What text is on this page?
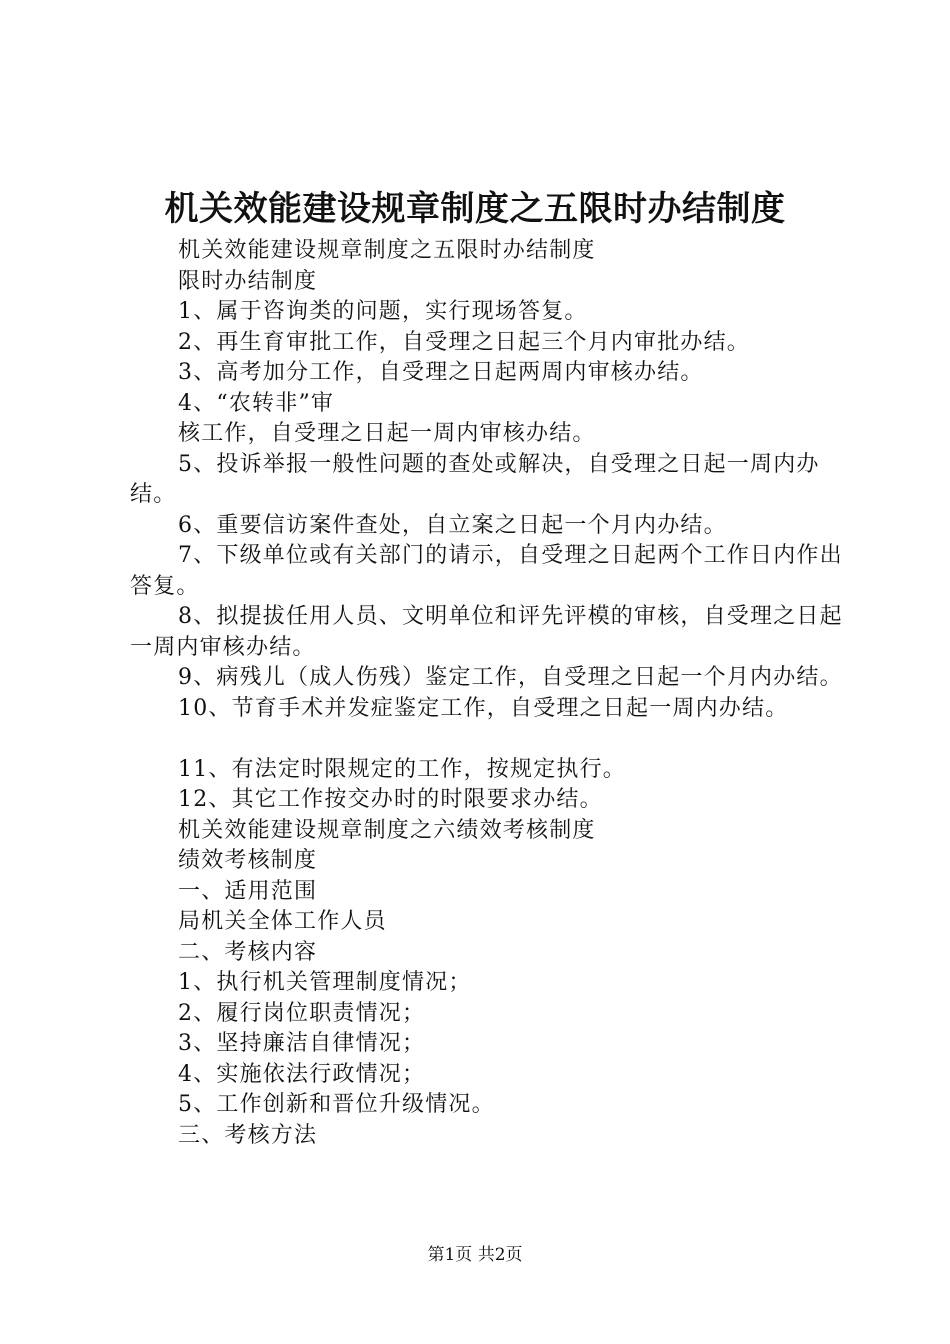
机关效能建设规章制度之五限时办结制度

机关效能建设规章制度之五限时办结制度

限时办结制度

1、属于咨询类的问题，实行现场答复。

2、再生育审批工作，自受理之日起三个月内审批办结。

3、高考加分工作，自受理之日起两周内审核办结。

4、“农转非”审

核工作，自受理之日起一周内审核办结。

5、投诉举报一般性问题的查处或解决，自受理之日起一周内办结。

6、重要信访案件查处，自立案之日起一个月内办结。

7、下级单位或有关部门的请示，自受理之日起两个工作日内作出答复。

8、拟提拔任用人员、文明单位和评先评模的审核，自受理之日起一周内审核办结。

9、病残儿（成人伤残）鉴定工作，自受理之日起一个月内办结。

10、节育手术并发症鉴定工作，自受理之日起一周内办结。

11、有法定时限规定的工作，按规定执行。

12、其它工作按交办时的时限要求办结。

机关效能建设规章制度之六绩效考核制度

绩效考核制度

一、适用范围

局机关全体工作人员

二、考核内容

1、执行机关管理制度情况；

2、履行岗位职责情况；

3、坚持廉洁自律情况；

4、实施依法行政情况；

5、工作创新和晋位升级情况。

三、考核方法

第1页 共2页
